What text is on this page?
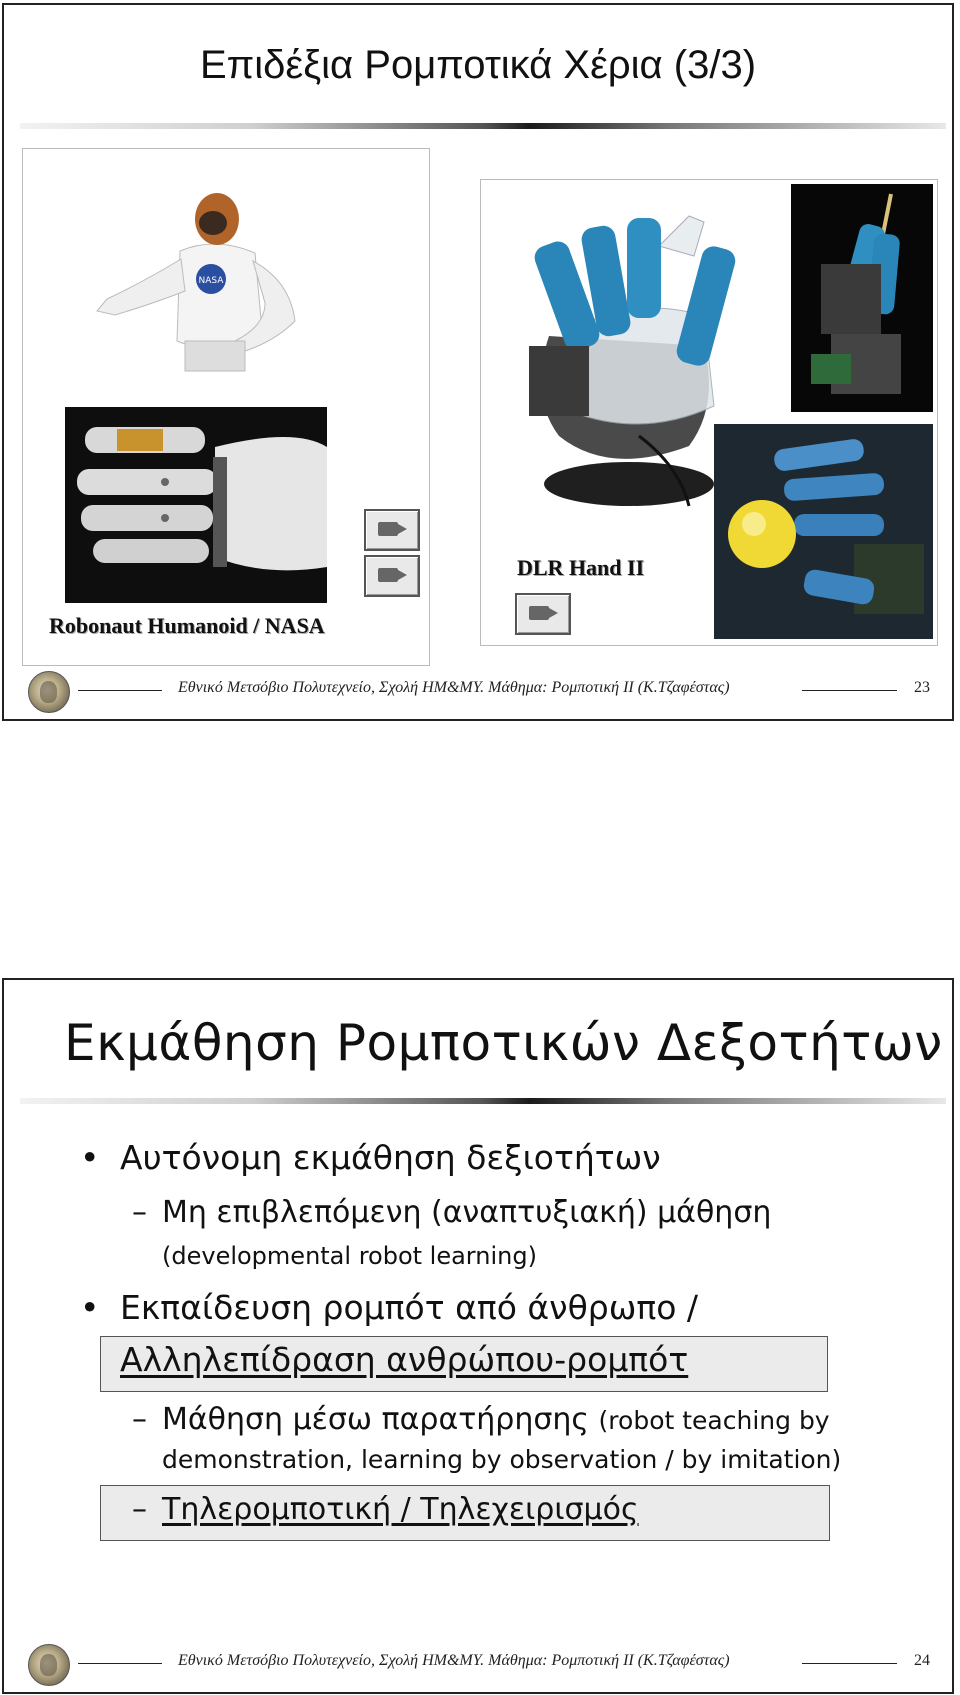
Επιδέξια Ρομποτικά Χέρια (3/3)
NASA
Robonaut Humanoid / NASA
DLR Hand II
Εθνικό Μετσόβιο Πολυτεχνείο, Σχολή ΗΜ&ΜΥ. Μάθημα: Ρομποτική ΙΙ (Κ.Τζαφέστας)	23
Εκμάθηση Ρομποτικών Δεξοτήτων
• Αυτόνομη εκμάθηση δεξιοτήτων
– Μη επιβλεπόμενη (αναπτυξιακή) μάθηση
(developmental robot learning)
• Εκπαίδευση ρομπότ από άνθρωπο /
Αλληλεπίδραση ανθρώπου-ρομπότ
– Μάθηση μέσω παρατήρησης (robot teaching by
demonstration, learning by observation / by imitation)
– Τηλερομποτική / Τηλεχειρισμός
Εθνικό Μετσόβιο Πολυτεχνείο, Σχολή ΗΜ&ΜΥ. Μάθημα: Ρομποτική ΙΙ (Κ.Τζαφέστας)	24
